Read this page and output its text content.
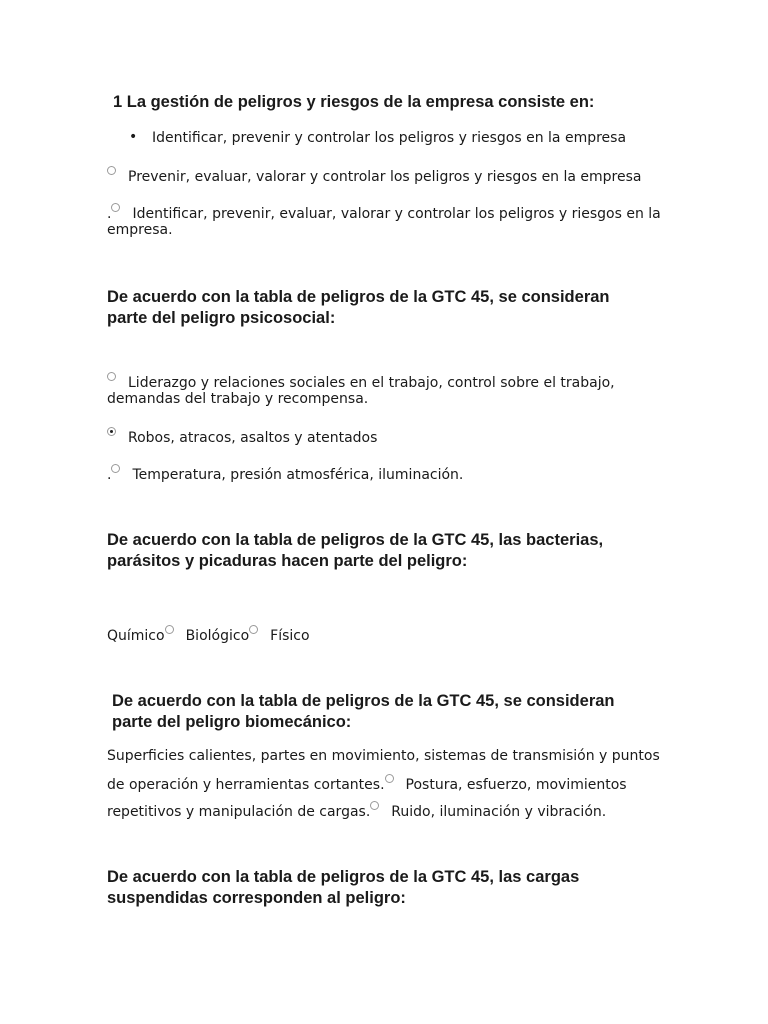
1 La gestión de peligros y riesgos de la empresa consiste en:
• Identificar, prevenir y controlar los peligros y riesgos en la empresa
Prevenir, evaluar, valorar y controlar los peligros y riesgos en la empresa
. Identificar, prevenir, evaluar, valorar y controlar los peligros y riesgos en la
empresa.
De acuerdo con la tabla de peligros de la GTC 45, se consideran
parte del peligro psicosocial:
Liderazgo y relaciones sociales en el trabajo, control sobre el trabajo,
demandas del trabajo y recompensa.
Robos, atracos, asaltos y atentados
. Temperatura, presión atmosférica, iluminación.
De acuerdo con la tabla de peligros de la GTC 45, las bacterias,
parásitos y picaduras hacen parte del peligro:
Químico Biológico Físico
De acuerdo con la tabla de peligros de la GTC 45, se consideran
parte del peligro biomecánico:
Superficies calientes, partes en movimiento, sistemas de transmisión y puntos
de operación y herramientas cortantes. Postura, esfuerzo, movimientos
repetitivos y manipulación de cargas. Ruido, iluminación y vibración.
De acuerdo con la tabla de peligros de la GTC 45, las cargas
suspendidas corresponden al peligro:
